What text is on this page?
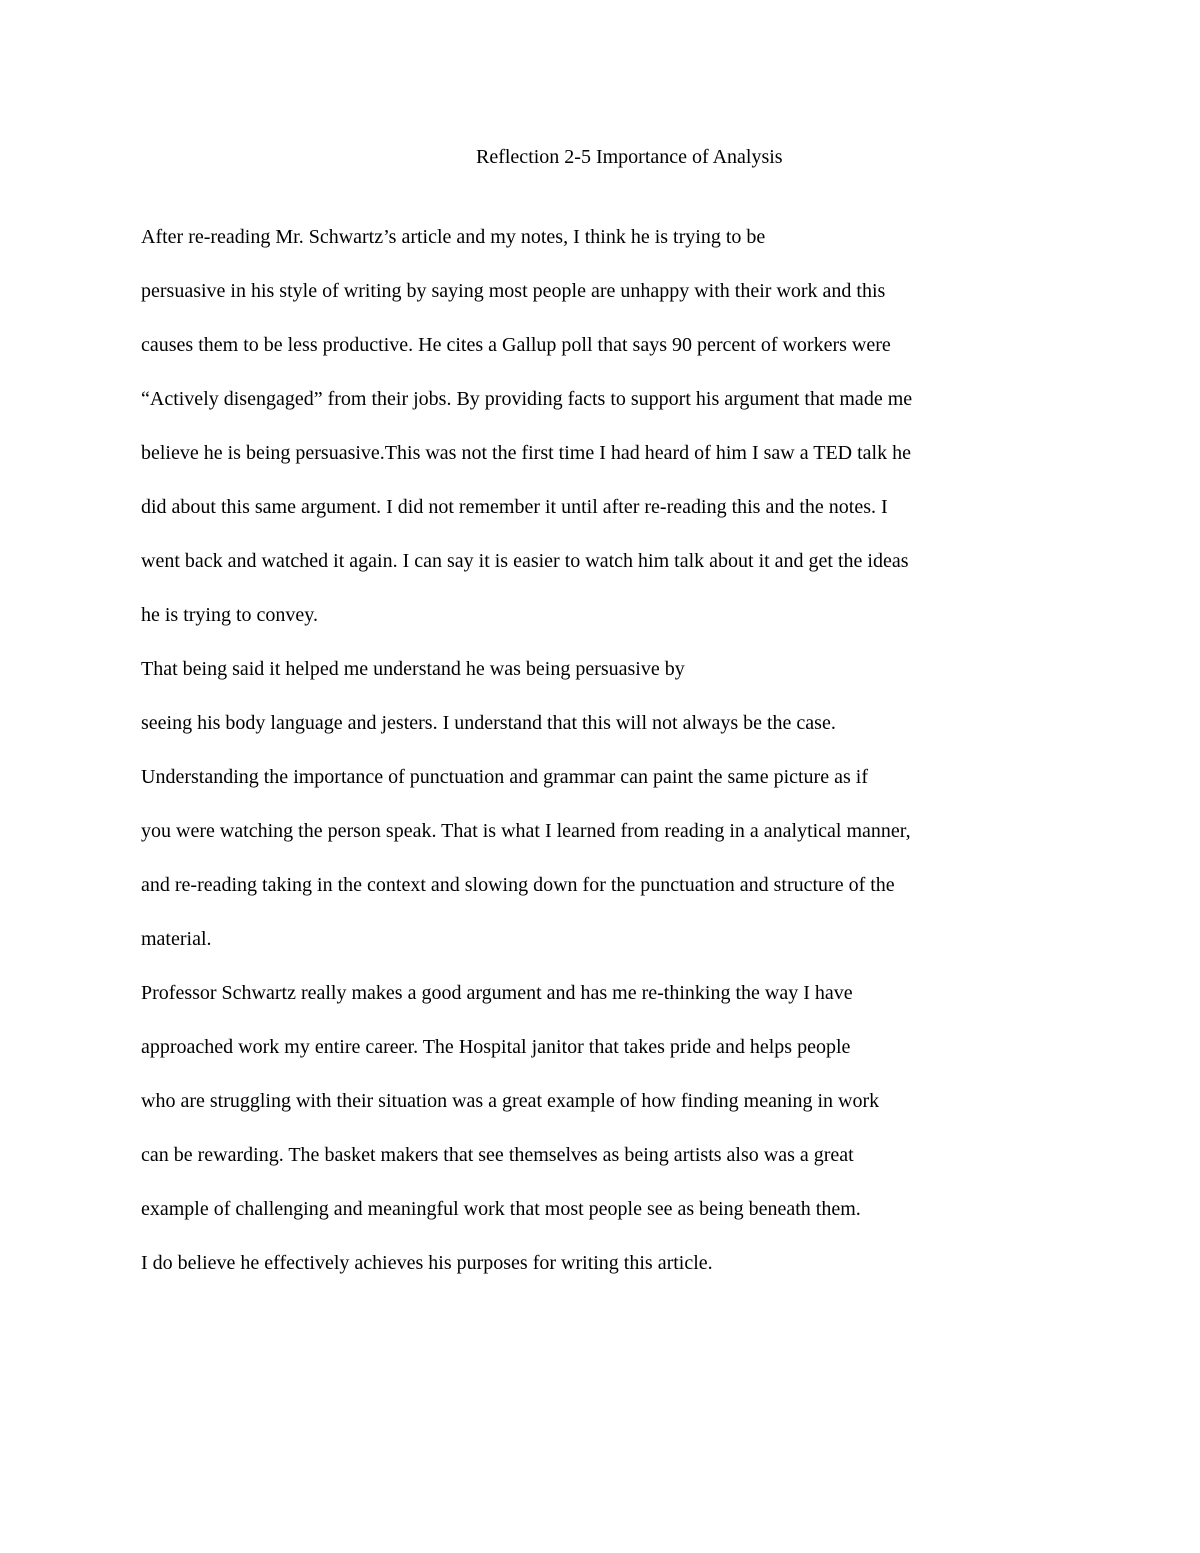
Reflection 2-5 Importance of Analysis
After re-reading Mr. Schwartz’s article and my notes, I think he is trying to be
persuasive in his style of writing by saying most people are unhappy with their work and this
causes them to be less productive. He cites a Gallup poll that says 90 percent of workers were
“Actively disengaged” from their jobs. By providing facts to support his argument that made me
believe he is being persuasive.This was not the first time I had heard of him I saw a TED talk he
did about this same argument. I did not remember it until after re-reading this and the notes. I
went back and watched it again. I can say it is easier to watch him talk about it and get the ideas
he is trying to convey.
That being said it helped me understand he was being persuasive by
seeing his body language and jesters. I understand that this will not always be the case.
Understanding the importance of punctuation and grammar can paint the same picture as if
you were watching the person speak. That is what I learned from reading in a analytical manner,
and re-reading taking in the context and slowing down for the punctuation and structure of the
material.
Professor Schwartz really makes a good argument and has me re-thinking the way I have
approached work my entire career. The Hospital janitor that takes pride and helps people
who are struggling with their situation was a great example of how finding meaning in work
can be rewarding. The basket makers that see themselves as being artists also was a great
example of challenging and meaningful work that most people see as being beneath them.
I do believe he effectively achieves his purposes for writing this article.
